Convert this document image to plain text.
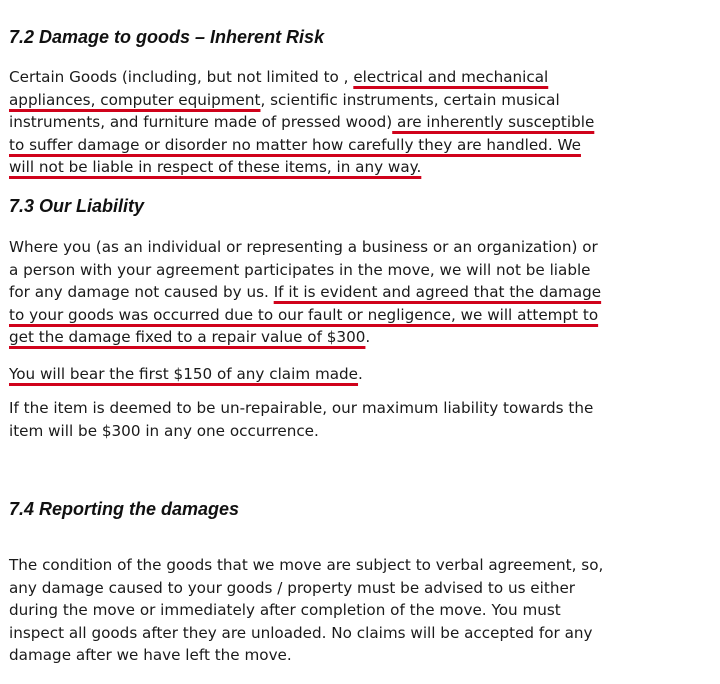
7.2 Damage to goods – Inherent Risk
Certain Goods (including, but not limited to , electrical and mechanical
appliances, computer equipment, scientific instruments, certain musical
instruments, and furniture made of pressed wood) are inherently susceptible
to suffer damage or disorder no matter how carefully they are handled. We
will not be liable in respect of these items, in any way.
7.3 Our Liability
Where you (as an individual or representing a business or an organization) or
a person with your agreement participates in the move, we will not be liable
for any damage not caused by us. If it is evident and agreed that the damage
to your goods was occurred due to our fault or negligence, we will attempt to
get the damage fixed to a repair value of $300.
You will bear the first $150 of any claim made.
If the item is deemed to be un-repairable, our maximum liability towards the
item will be $300 in any one occurrence.
7.4 Reporting the damages
The condition of the goods that we move are subject to verbal agreement, so,
any damage caused to your goods / property must be advised to us either
during the move or immediately after completion of the move. You must
inspect all goods after they are unloaded. No claims will be accepted for any
damage after we have left the move.
